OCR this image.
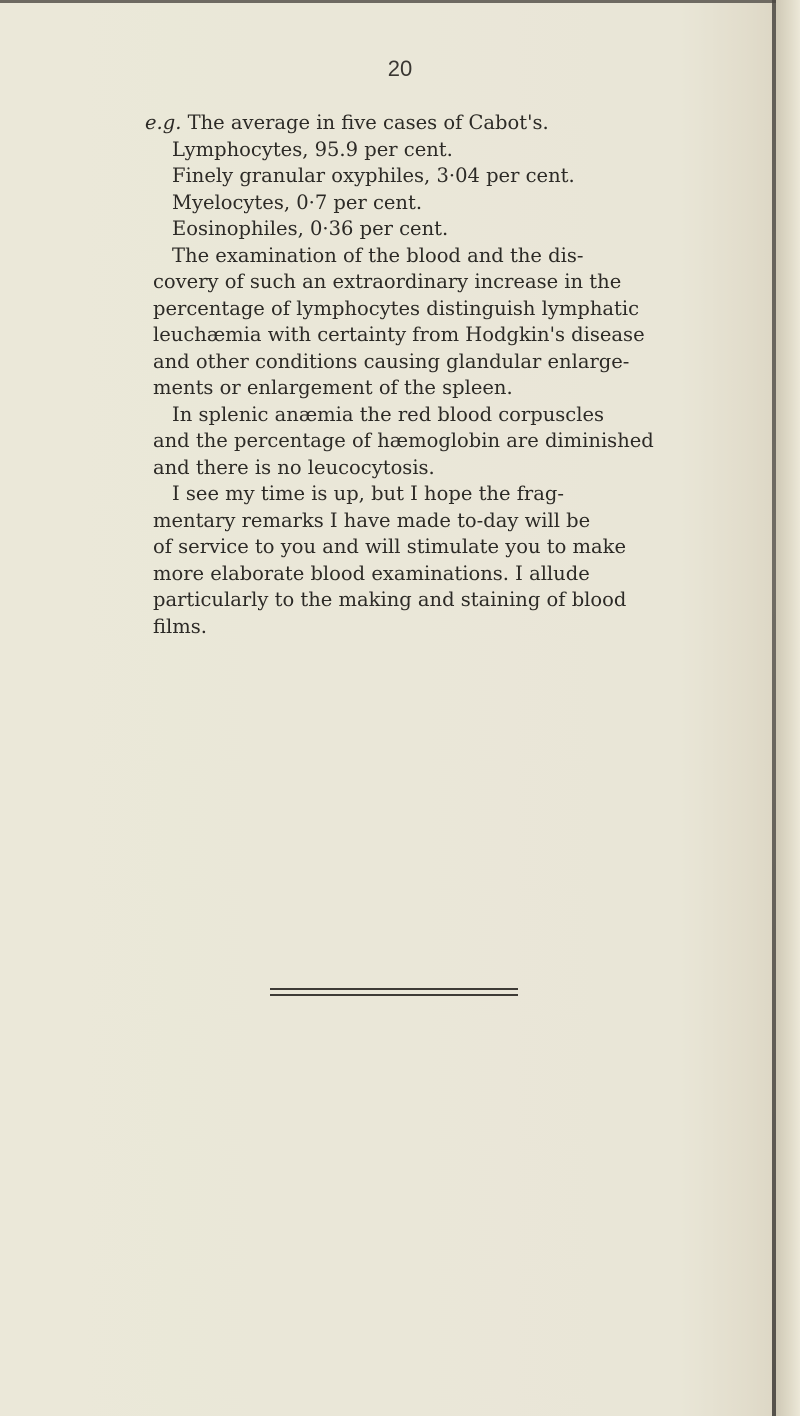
20
e.g. The average in five cases of Cabot's.
Lymphocytes, 95.9 per cent.
Finely granular oxyphiles, 3·04 per cent.
Myelocytes, 0·7 per cent.
Eosinophiles, 0·36 per cent.
The examination of the blood and the dis-
covery of such an extraordinary increase in the
percentage of lymphocytes distinguish lymphatic
leuchæmia with certainty from Hodgkin's disease
and other conditions causing glandular enlarge-
ments or enlargement of the spleen.
In splenic anæmia the red blood corpuscles
and the percentage of hæmoglobin are diminished
and there is no leucocytosis.
I see my time is up, but I hope the frag-
mentary remarks I have made to-day will be
of service to you and will stimulate you to make
more elaborate blood examinations. I allude
particularly to the making and staining of blood
films.
